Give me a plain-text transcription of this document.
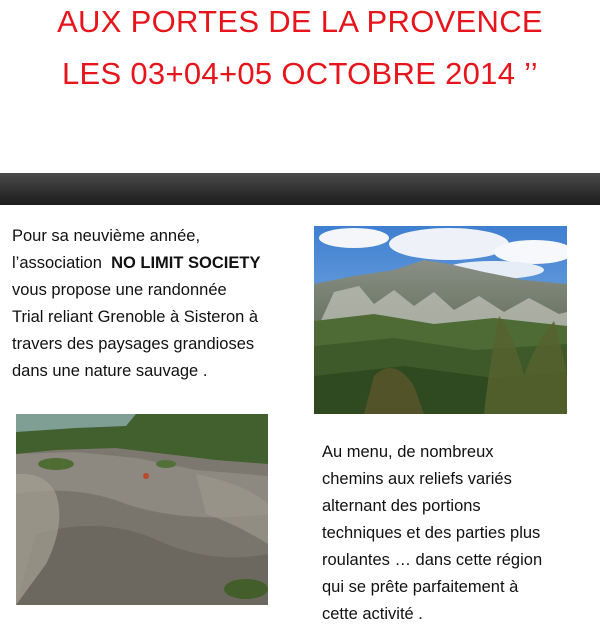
AUX PORTES DE LA PROVENCE
LES 03+04+05 OCTOBRE 2014 ’’
Pour sa neuvième année,
l’association NO LIMIT SOCIETY
vous propose une randonnée
Trial reliant Grenoble à Sisteron à
travers des paysages grandioses
dans une nature sauvage .
Au menu, de nombreux
chemins aux reliefs variés
alternant des portions
techniques et des parties plus
roulantes … dans cette région
qui se prête parfaitement à
cette activité .
